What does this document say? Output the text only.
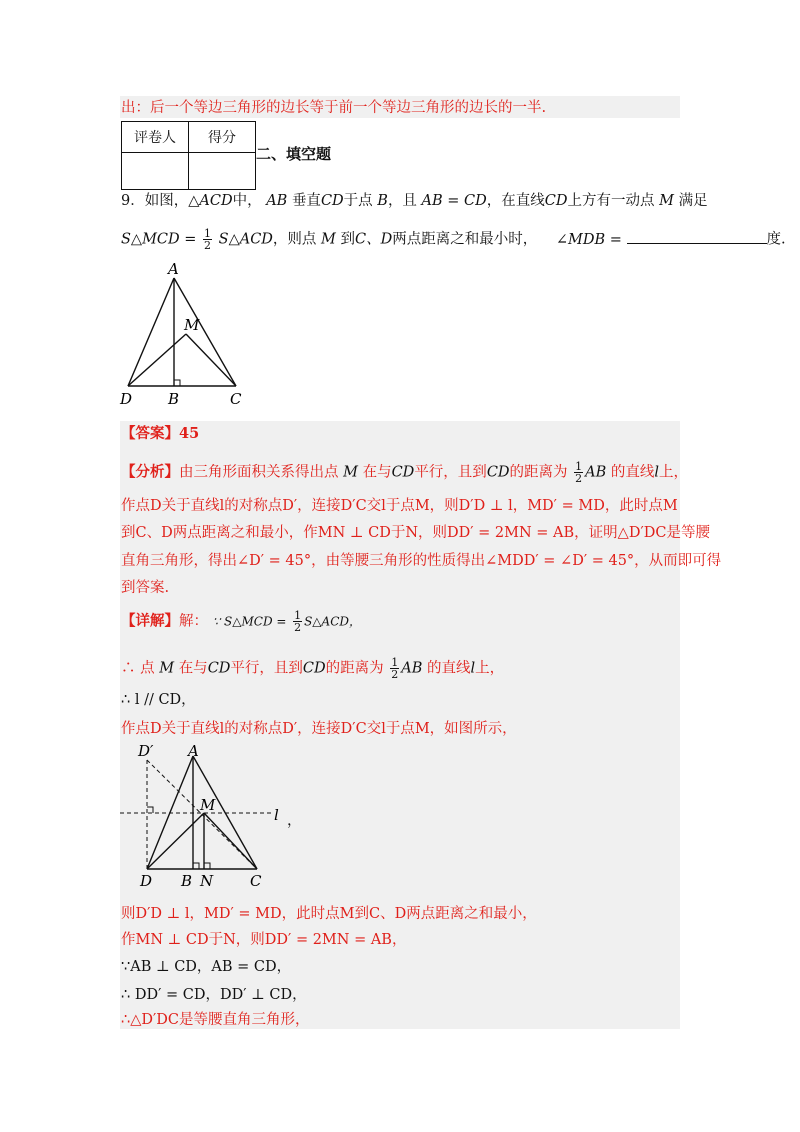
出：后一个等边三角形的边长等于前一个等边三角形的边长的一半.
评卷人	得分

二、填空题
9．如图，△ACD中， AB 垂直CD于点 B，且 AB = CD，在直线CD上方有一动点 M 满足
S△MCD = $\frac{1}{2}$ S△ACD，则点 M 到C、D两点距离之和最小时， ∠MDB =	度.
A
M
D B	C
【答案】45
【分析】由三角形面积关系得出点 M 在与CD平行，且到CD的距离为 $\frac{1}{2}$ AB 的直线l上，
作点D关于直线l的对称点D′，连接D′C交l于点M，则D′D ⊥ l，MD′ = MD，此时点M
到C、D两点距离之和最小，作MN ⊥ CD于N，则DD′ = 2MN = AB，证明△D′DC是等腰
直角三角形，得出∠D′ = 45°，由等腰三角形的性质得出∠MDD′ = ∠D′ = 45°，从而即可得
到答案.
【详解】解： ∵ S△MCD = $\frac{1}{2}$ S△ACD，
∴ 点 M 在与CD平行，且到CD的距离为 $\frac{1}{2}$ AB 的直线l上，
∴ l // CD，
作点D关于直线l的对称点D′，连接D′C交l于点M，如图所示，
D′ A
M
l
D B N C
，
则D′D ⊥ l，MD′ = MD，此时点M到C、D两点距离之和最小，
作MN ⊥ CD于N，则DD′ = 2MN = AB，
∵AB ⊥ CD，AB = CD，
∴ DD′ = CD，DD′ ⊥ CD，
∴△D′DC是等腰直角三角形，
